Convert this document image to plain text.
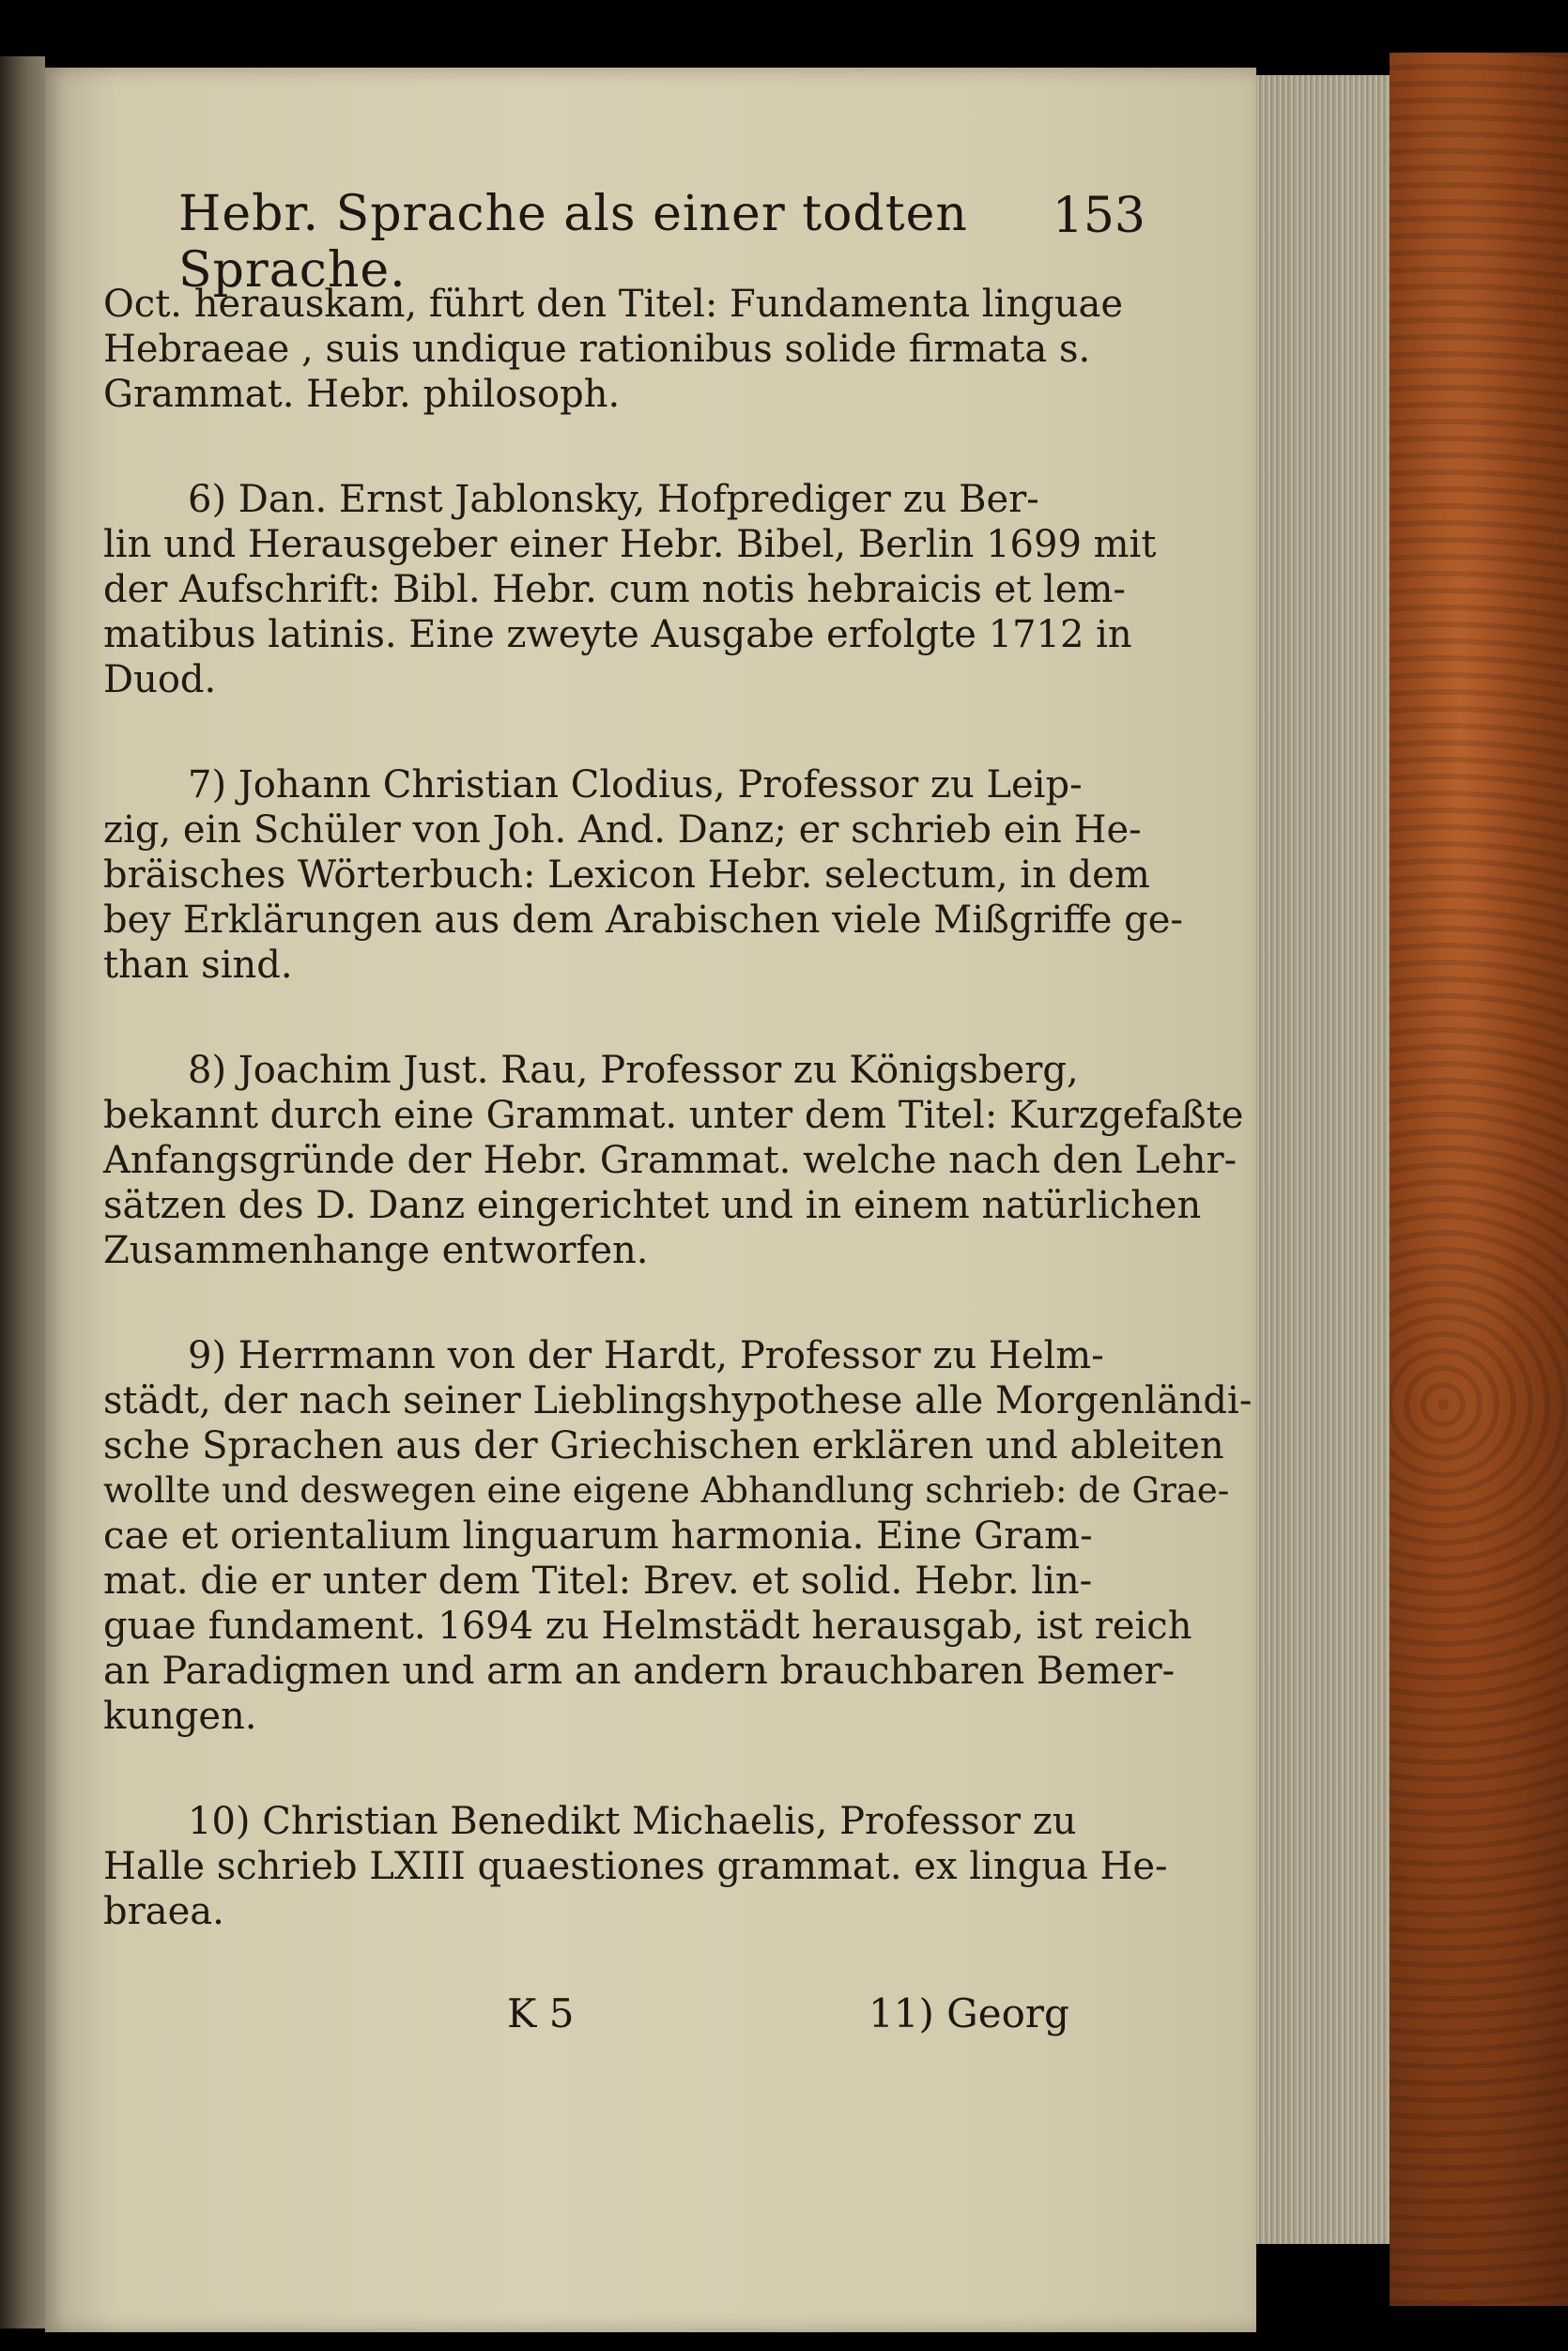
Hebr. Sprache als einer todten Sprache.
153
Oct. herauskam, führt den Titel: Fundamenta linguae
Hebraeae , suis undique rationibus solide firmata s.
Grammat. Hebr. philosoph.
6) Dan. Ernst Jablonsky, Hofprediger zu Ber-
lin und Herausgeber einer Hebr. Bibel, Berlin 1699 mit
der Aufschrift: Bibl. Hebr. cum notis hebraicis et lem-
matibus latinis. Eine zweyte Ausgabe erfolgte 1712 in
Duod.
7) Johann Christian Clodius, Professor zu Leip-
zig, ein Schüler von Joh. And. Danz; er schrieb ein He-
bräisches Wörterbuch: Lexicon Hebr. selectum, in dem
bey Erklärungen aus dem Arabischen viele Mißgriffe ge-
than sind.
8) Joachim Just. Rau, Professor zu Königsberg,
bekannt durch eine Grammat. unter dem Titel: Kurzgefaßte
Anfangsgründe der Hebr. Grammat. welche nach den Lehr-
sätzen des D. Danz eingerichtet und in einem natürlichen
Zusammenhange entworfen.
9) Herrmann von der Hardt, Professor zu Helm-
städt, der nach seiner Lieblingshypothese alle Morgenländi-
sche Sprachen aus der Griechischen erklären und ableiten
wollte und deswegen eine eigene Abhandlung schrieb: de Grae-
cae et orientalium linguarum harmonia. Eine Gram-
mat. die er unter dem Titel: Brev. et solid. Hebr. lin-
guae fundament. 1694 zu Helmstädt herausgab, ist reich
an Paradigmen und arm an andern brauchbaren Bemer-
kungen.
10) Christian Benedikt Michaelis, Professor zu
Halle schrieb LXIII quaestiones grammat. ex lingua He-
braea.
K 5	11) Georg
